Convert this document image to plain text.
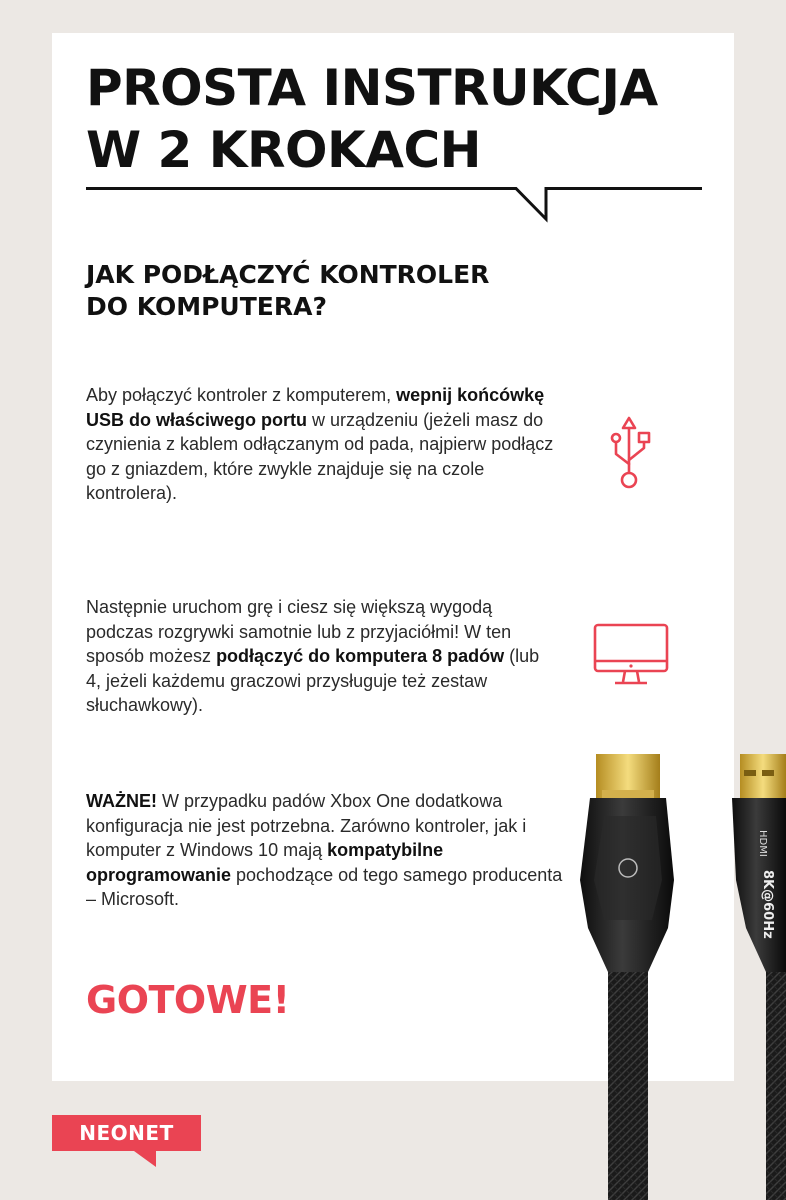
PROSTA INSTRUKCJA
W 2 KROKACH
JAK PODŁĄCZYĆ KONTROLER
DO KOMPUTERA?

Aby połączyć kontroler z komputerem, wepnij końcówkę USB do właściwego portu w urządzeniu (jeżeli masz do czynienia z kablem odłączanym od pada, najpierw podłącz go z gniazdem, które zwykle znajduje się na czole kontrolera).

Następnie uruchom grę i ciesz się większą wygodą podczas rozgrywki samotnie lub z przyjaciółmi! W ten sposób możesz podłączyć do komputera 8 padów (lub 4, jeżeli każdemu graczowi przysługuje też zestaw słuchawkowy).

WAŻNE! W przypadku padów Xbox One dodatkowa konfiguracja nie jest potrzebna. Zarówno kontroler, jak i komputer z Windows 10 mają kompatybilne oprogramowanie pochodzące od tego samego producenta – Microsoft.

GOTOWE!
HDMI
8K@60Hz
NEONET
